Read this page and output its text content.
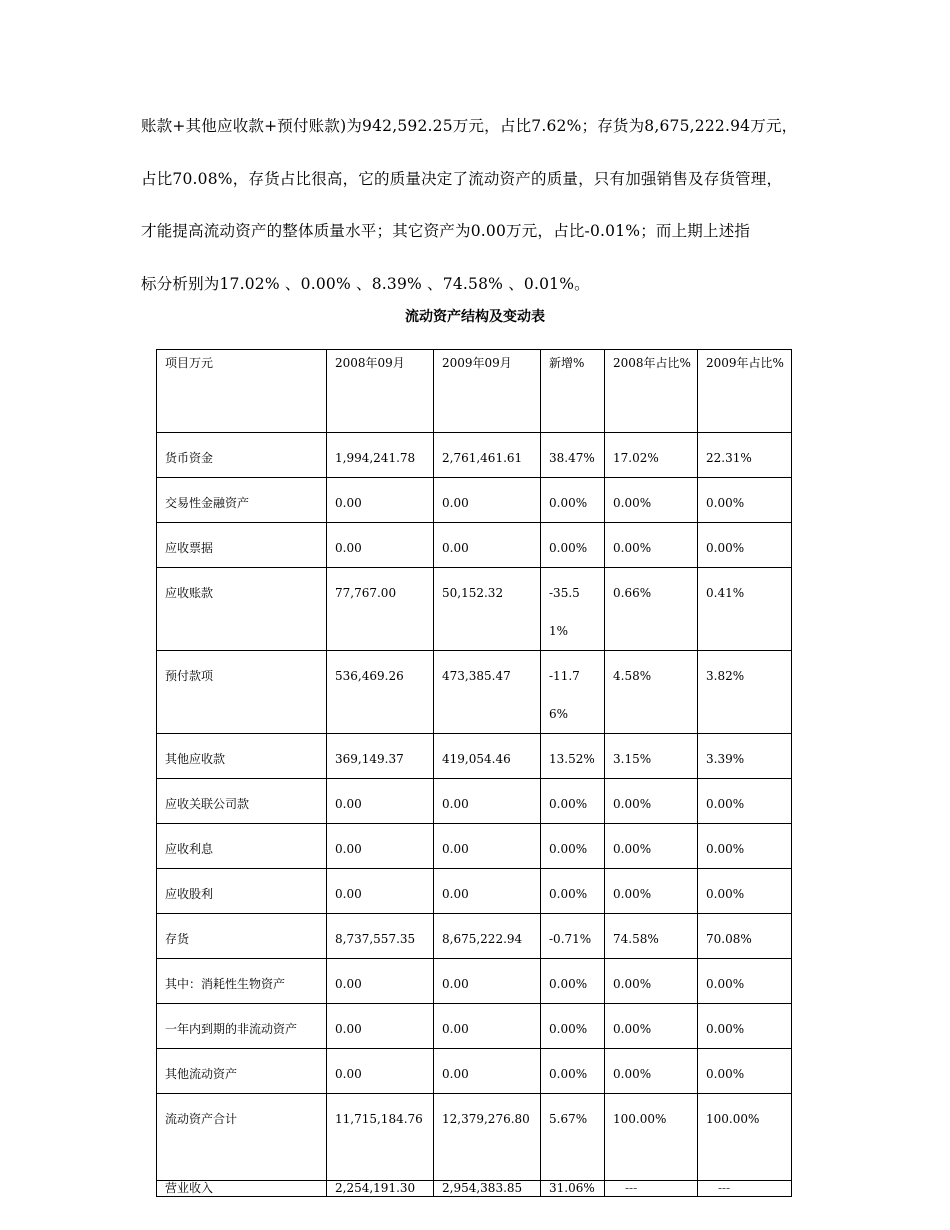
账款+其他应收款+预付账款)为942,592.25万元，占比7.62%；存货为8,675,222.94万元，

占比70.08%，存货占比很高，它的质量决定了流动资产的质量，只有加强销售及存货管理，

才能提高流动资产的整体质量水平；其它资产为0.00万元，占比-0.01%；而上期上述指

标分析别为17.02% 、0.00% 、8.39% 、74.58% 、0.01%。

流动资产结构及变动表

项目万元	2008年09月	2009年09月	新增%	2008年占比%	2009年占比%
货币资金	1,994,241.78	2,761,461.61	38.47%	17.02%	22.31%
交易性金融资产	0.00	0.00	0.00%	0.00%	0.00%
应收票据	0.00	0.00	0.00%	0.00%	0.00%
应收账款	77,767.00	50,152.32	-35.51%	0.66%	0.41%
预付款项	536,469.26	473,385.47	-11.76%	4.58%	3.82%
其他应收款	369,149.37	419,054.46	13.52%	3.15%	3.39%
应收关联公司款	0.00	0.00	0.00%	0.00%	0.00%
应收利息	0.00	0.00	0.00%	0.00%	0.00%
应收股利	0.00	0.00	0.00%	0.00%	0.00%
存货	8,737,557.35	8,675,222.94	-0.71%	74.58%	70.08%
其中：消耗性生物资产	0.00	0.00	0.00%	0.00%	0.00%
一年内到期的非流动资产	0.00	0.00	0.00%	0.00%	0.00%
其他流动资产	0.00	0.00	0.00%	0.00%	0.00%
流动资产合计	11,715,184.76	12,379,276.80	5.67%	100.00%	100.00%
营业收入	2,254,191.30	2,954,383.85	31.06%	---	---
